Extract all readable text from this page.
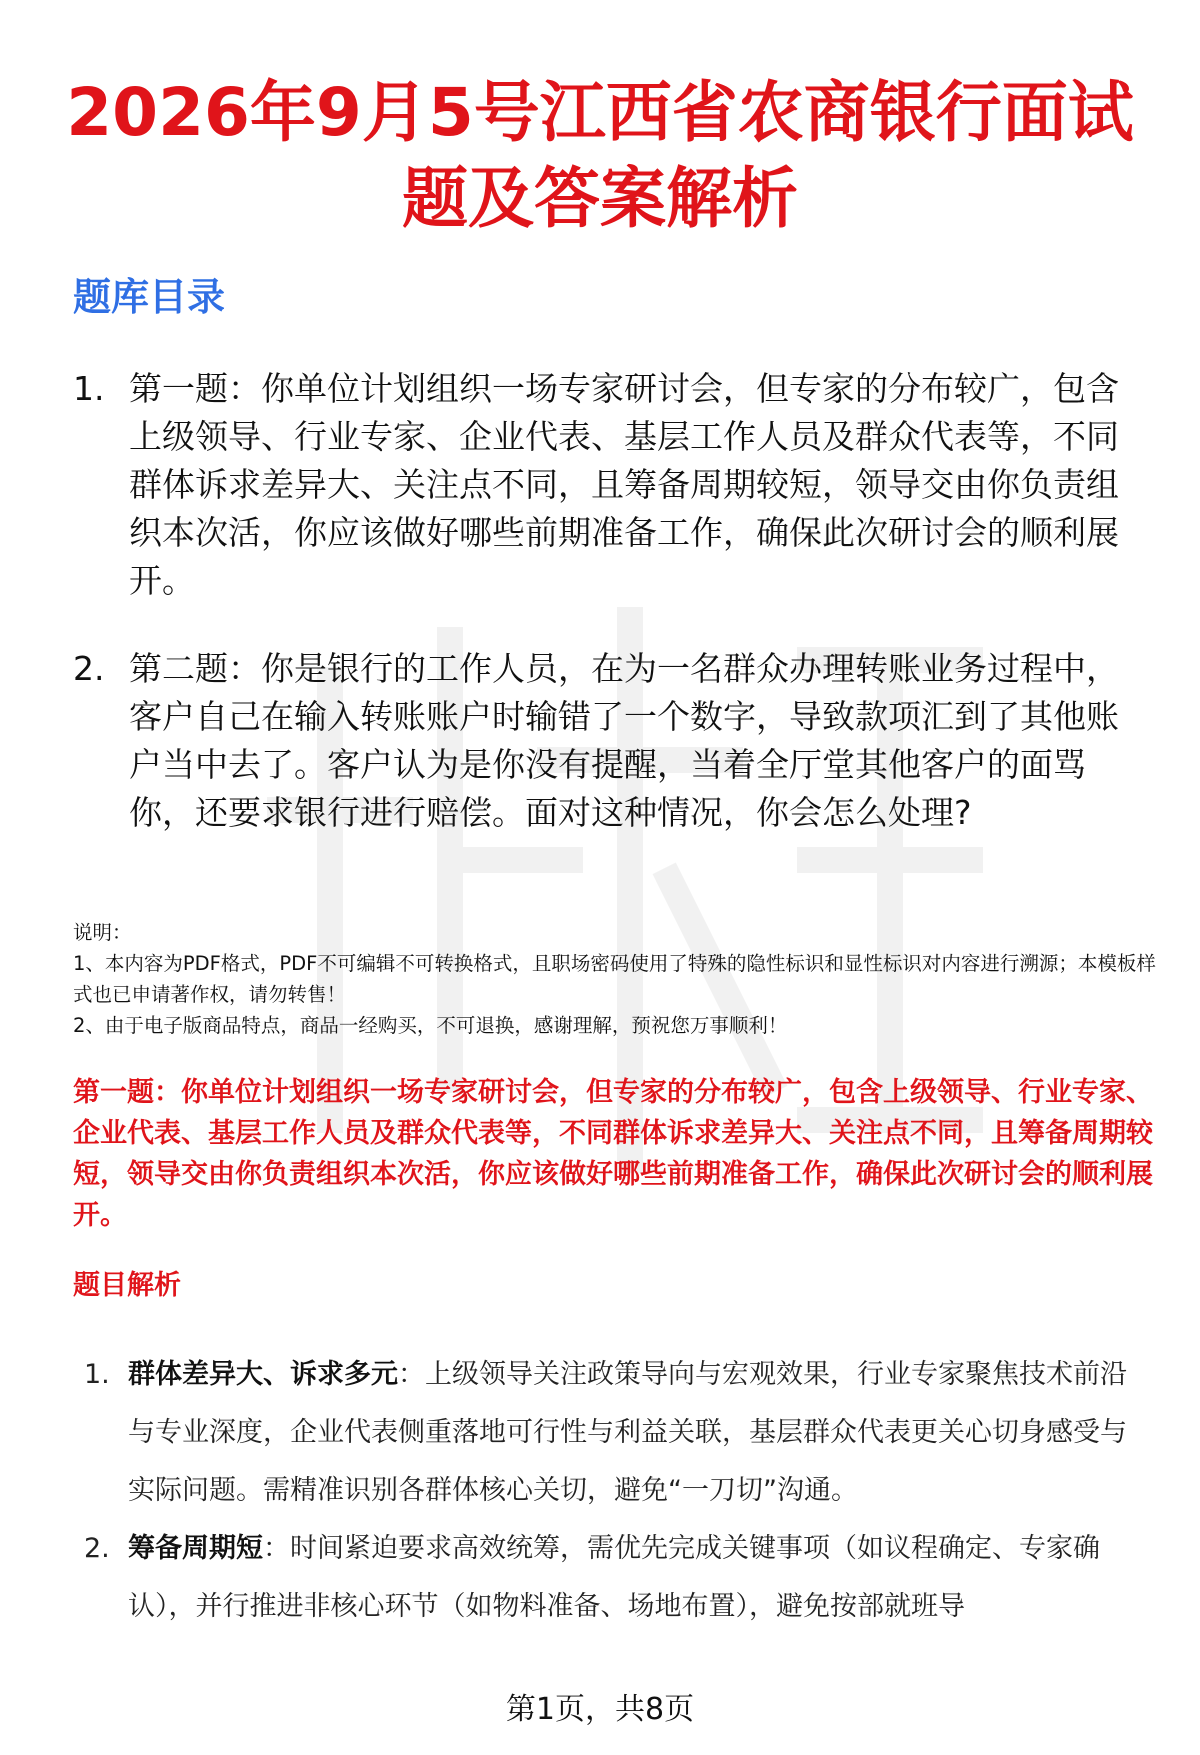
2026年9月5号江西省农商银行面试题及答案解析
题库目录
1. 第一题：你单位计划组织一场专家研讨会，但专家的分布较广，包含上级领导、行业专家、企业代表、基层工作人员及群众代表等，不同群体诉求差异大、关注点不同，且筹备周期较短，领导交由你负责组织本次活，你应该做好哪些前期准备工作，确保此次研讨会的顺利展开。
2. 第二题：你是银行的工作人员，在为一名群众办理转账业务过程中，客户自己在输入转账账户时输错了一个数字，导致款项汇到了其他账户当中去了。客户认为是你没有提醒，当着全厅堂其他客户的面骂你，还要求银行进行赔偿。面对这种情况，你会怎么处理?
说明：
1、本内容为PDF格式，PDF不可编辑不可转换格式，且职场密码使用了特殊的隐性标识和显性标识对内容进行溯源；本模板样式也已申请著作权，请勿转售！
2、由于电子版商品特点，商品一经购买，不可退换，感谢理解，预祝您万事顺利！
第一题：你单位计划组织一场专家研讨会，但专家的分布较广，包含上级领导、行业专家、企业代表、基层工作人员及群众代表等，不同群体诉求差异大、关注点不同，且筹备周期较短，领导交由你负责组织本次活，你应该做好哪些前期准备工作，确保此次研讨会的顺利展开。
题目解析
1. 群体差异大、诉求多元：上级领导关注政策导向与宏观效果，行业专家聚焦技术前沿与专业深度，企业代表侧重落地可行性与利益关联，基层群众代表更关心切身感受与实际问题。需精准识别各群体核心关切，避免“一刀切”沟通。
2. 筹备周期短：时间紧迫要求高效统筹，需优先完成关键事项（如议程确定、专家确认），并行推进非核心环节（如物料准备、场地布置），避免按部就班导
第1页，共8页
